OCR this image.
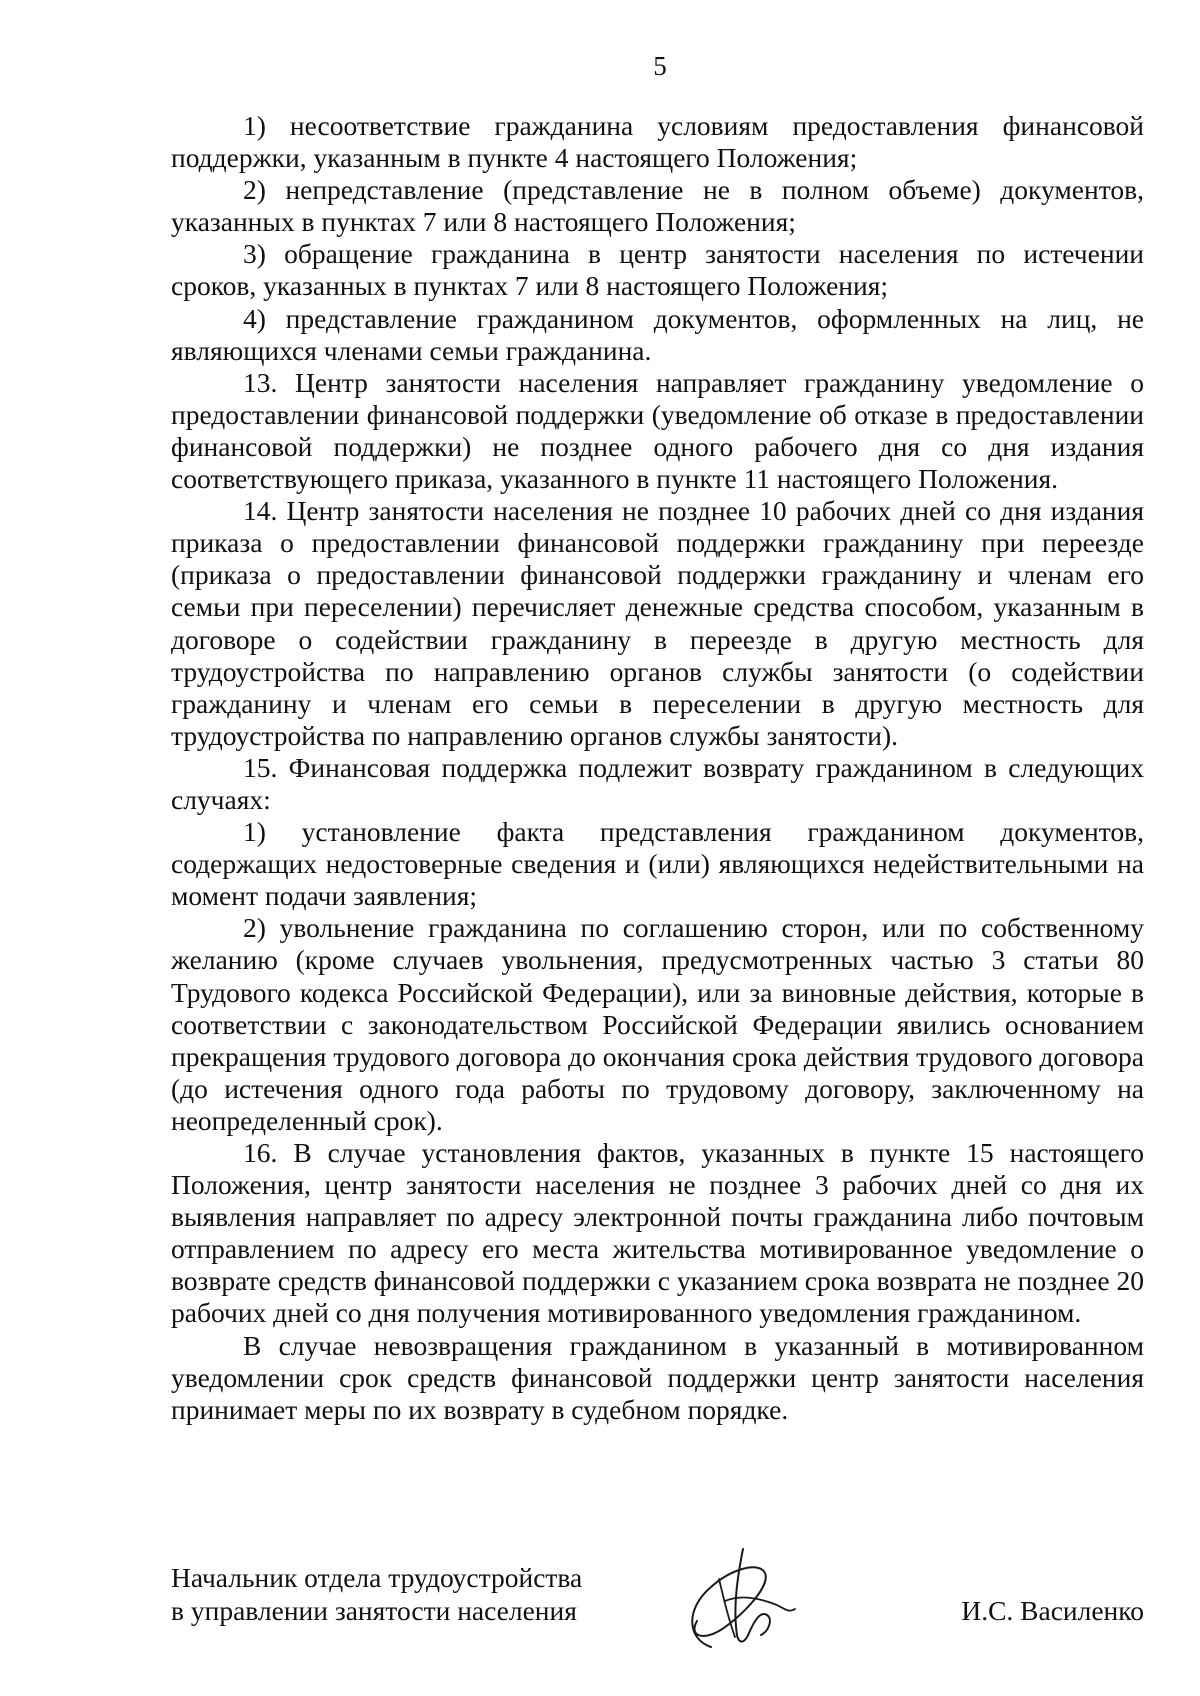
5

1) несоответствие гражданина условиям предоставления финансовой поддержки, указанным в пункте 4 настоящего Положения;

2) непредставление (представление не в полном объеме) документов, указанных в пунктах 7 или 8 настоящего Положения;

3) обращение гражданина в центр занятости населения по истечении сроков, указанных в пунктах 7 или 8 настоящего Положения;

4) представление гражданином документов, оформленных на лиц, не являющихся членами семьи гражданина.

13. Центр занятости населения направляет гражданину уведомление о предоставлении финансовой поддержки (уведомление об отказе в предоставлении финансовой поддержки) не позднее одного рабочего дня со дня издания соответствующего приказа, указанного в пункте 11 настоящего Положения.

14. Центр занятости населения не позднее 10 рабочих дней со дня издания приказа о предоставлении финансовой поддержки гражданину при переезде (приказа о предоставлении финансовой поддержки гражданину и членам его семьи при переселении) перечисляет денежные средства способом, указанным в договоре о содействии гражданину в переезде в другую местность для трудоустройства по направлению органов службы занятости (о содействии гражданину и членам его семьи в переселении в другую местность для трудоустройства по направлению органов службы занятости).

15. Финансовая поддержка подлежит возврату гражданином в следующих случаях:

1) установление факта представления гражданином документов, содержащих недостоверные сведения и (или) являющихся недействительными на момент подачи заявления;

2) увольнение гражданина по соглашению сторон, или по собственному желанию (кроме случаев увольнения, предусмотренных частью 3 статьи 80 Трудового кодекса Российской Федерации), или за виновные действия, которые в соответствии с законодательством Российской Федерации явились основанием прекращения трудового договора до окончания срока действия трудового договора (до истечения одного года работы по трудовому договору, заключенному на неопределенный срок).

16. В случае установления фактов, указанных в пункте 15 настоящего Положения, центр занятости населения не позднее 3 рабочих дней со дня их выявления направляет по адресу электронной почты гражданина либо почтовым отправлением по адресу его места жительства мотивированное уведомление о возврате средств финансовой поддержки с указанием срока возврата не позднее 20 рабочих дней со дня получения мотивированного уведомления гражданином.

В случае невозвращения гражданином в указанный в мотивированном уведомлении срок средств финансовой поддержки центр занятости населения принимает меры по их возврату в судебном порядке.

Начальник отдела трудоустройства
в управлении занятости населения	И.С. Василенко
